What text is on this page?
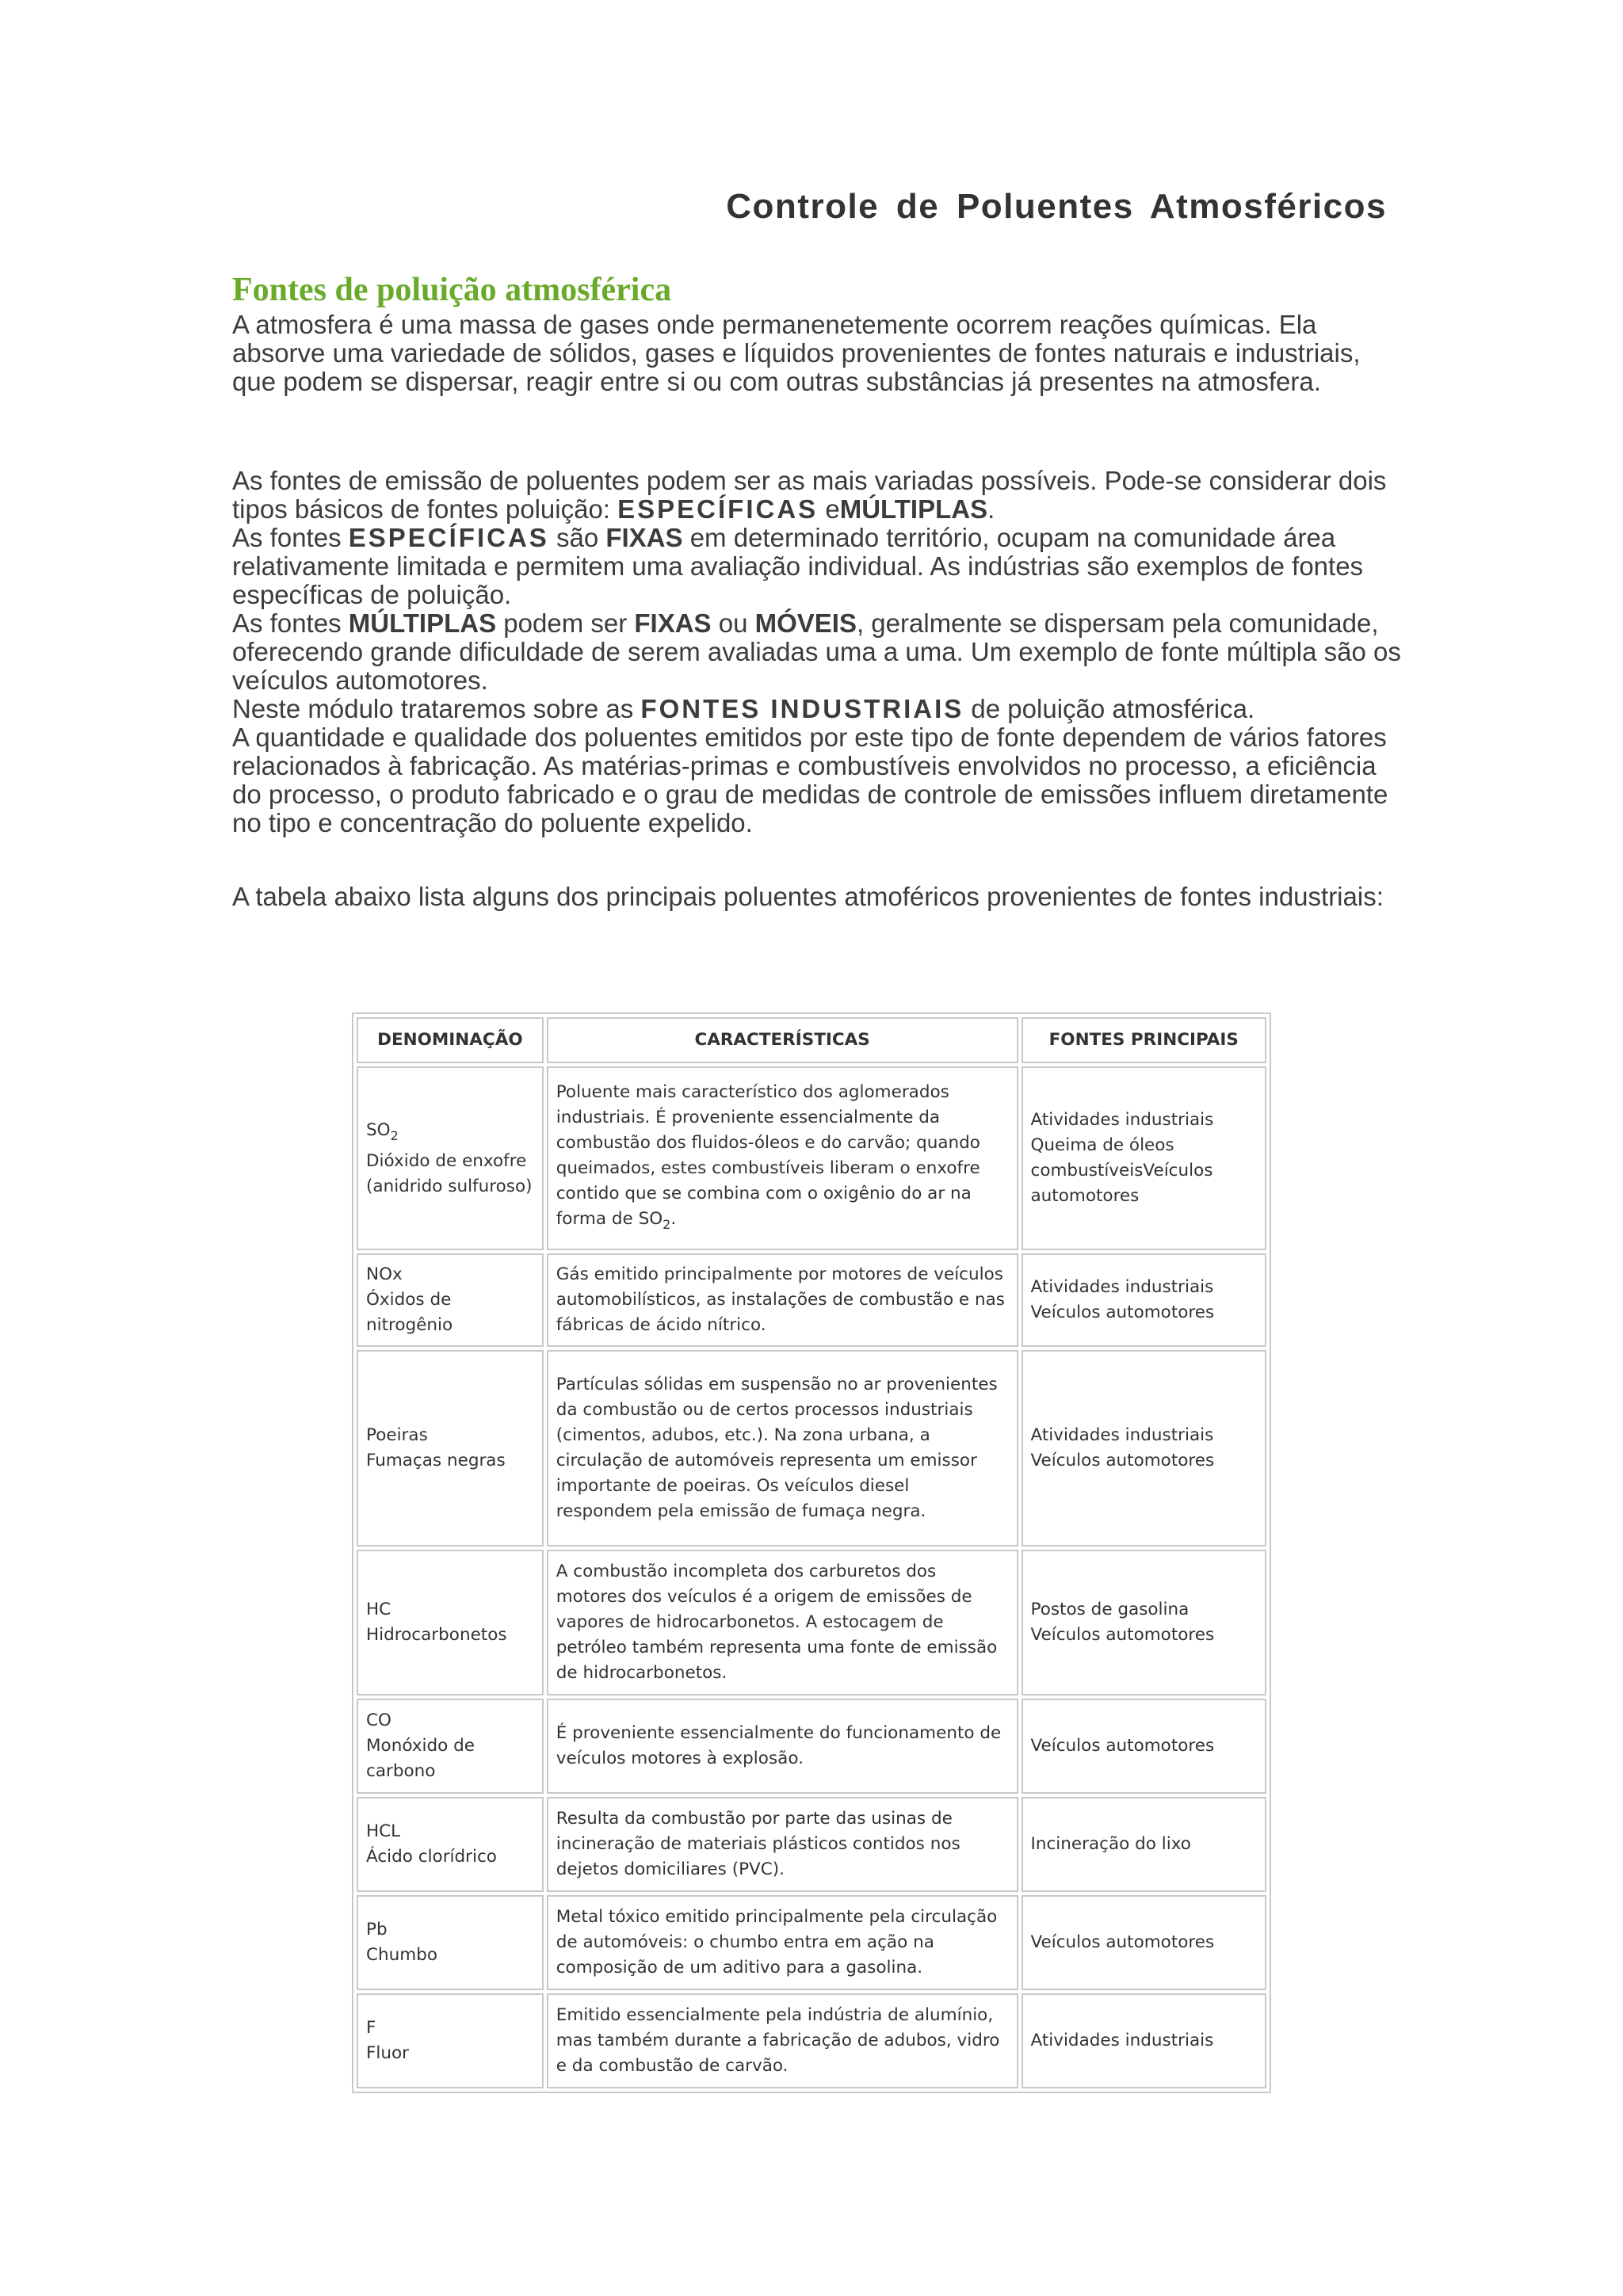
Controle de Poluentes Atmosféricos
Fontes de poluição atmosférica

A atmosfera é uma massa de gases onde permanenetemente ocorrem reações químicas. Ela absorve uma variedade de sólidos, gases e líquidos provenientes de fontes naturais e industriais, que podem se dispersar, reagir entre si ou com outras substâncias já presentes na atmosfera.

As fontes de emissão de poluentes podem ser as mais variadas possíveis. Pode-se considerar dois tipos básicos de fontes poluição: ESPECÍFICAS eMÚLTIPLAS.

As fontes ESPECÍFICAS são FIXAS em determinado território, ocupam na comunidade área relativamente limitada e permitem uma avaliação individual. As indústrias são exemplos de fontes específicas de poluição.

As fontes MÚLTIPLAS podem ser FIXAS ou MÓVEIS, geralmente se dispersam pela comunidade, oferecendo grande dificuldade de serem avaliadas uma a uma. Um exemplo de fonte múltipla são os veículos automotores.

Neste módulo trataremos sobre as FONTES INDUSTRIAIS de poluição atmosférica.

A quantidade e qualidade dos poluentes emitidos por este tipo de fonte dependem de vários fatores relacionados à fabricação. As matérias-primas e combustíveis envolvidos no processo, a eficiência do processo, o produto fabricado e o grau de medidas de controle de emissões influem diretamente no tipo e concentração do poluente expelido.

A tabela abaixo lista alguns dos principais poluentes atmoféricos provenientes de fontes industriais:

DENOMINAÇÃO	CARACTERÍSTICAS	FONTES PRINCIPAIS
$SO_2$
Dióxido de enxofre (anidrido sulfuroso)	Poluente mais característico dos aglomerados industriais. É proveniente essencialmente da combustão dos fluidos-óleos e do carvão; quando queimados, estes combustíveis liberam o enxofre contido que se combina com o oxigênio do ar na forma de $SO_2$.	Atividades industriais
Queima de óleos combustíveisVeículos automotores

NOx
Óxidos de nitrogênio	Gás emitido principalmente por motores de veículos automobilísticos, as instalações de combustão e nas fábricas de ácido nítrico.	Atividades industriais
Veículos automotores

Poeiras
Fumaças negras	Partículas sólidas em suspensão no ar provenientes da combustão ou de certos processos industriais (cimentos, adubos, etc.). Na zona urbana, a circulação de automóveis representa um emissor importante de poeiras. Os veículos diesel respondem pela emissão de fumaça negra.	Atividades industriais
Veículos automotores

HC
Hidrocarbonetos	A combustão incompleta dos carburetos dos motores dos veículos é a origem de emissões de vapores de hidrocarbonetos. A estocagem de petróleo também representa uma fonte de emissão de hidrocarbonetos.	Postos de gasolina
Veículos automotores

CO
Monóxido de carbono	É proveniente essencialmente do funcionamento de veículos motores à explosão.	Veículos automotores

HCL
Ácido clorídrico	Resulta da combustão por parte das usinas de incineração de materiais plásticos contidos nos dejetos domiciliares (PVC).	Incineração do lixo

Pb
Chumbo	Metal tóxico emitido principalmente pela circulação de automóveis: o chumbo entra em ação na composição de um aditivo para a gasolina.	Veículos automotores

F
Fluor	Emitido essencialmente pela indústria de alumínio, mas também durante a fabricação de adubos, vidro e da combustão de carvão.	Atividades industriais
